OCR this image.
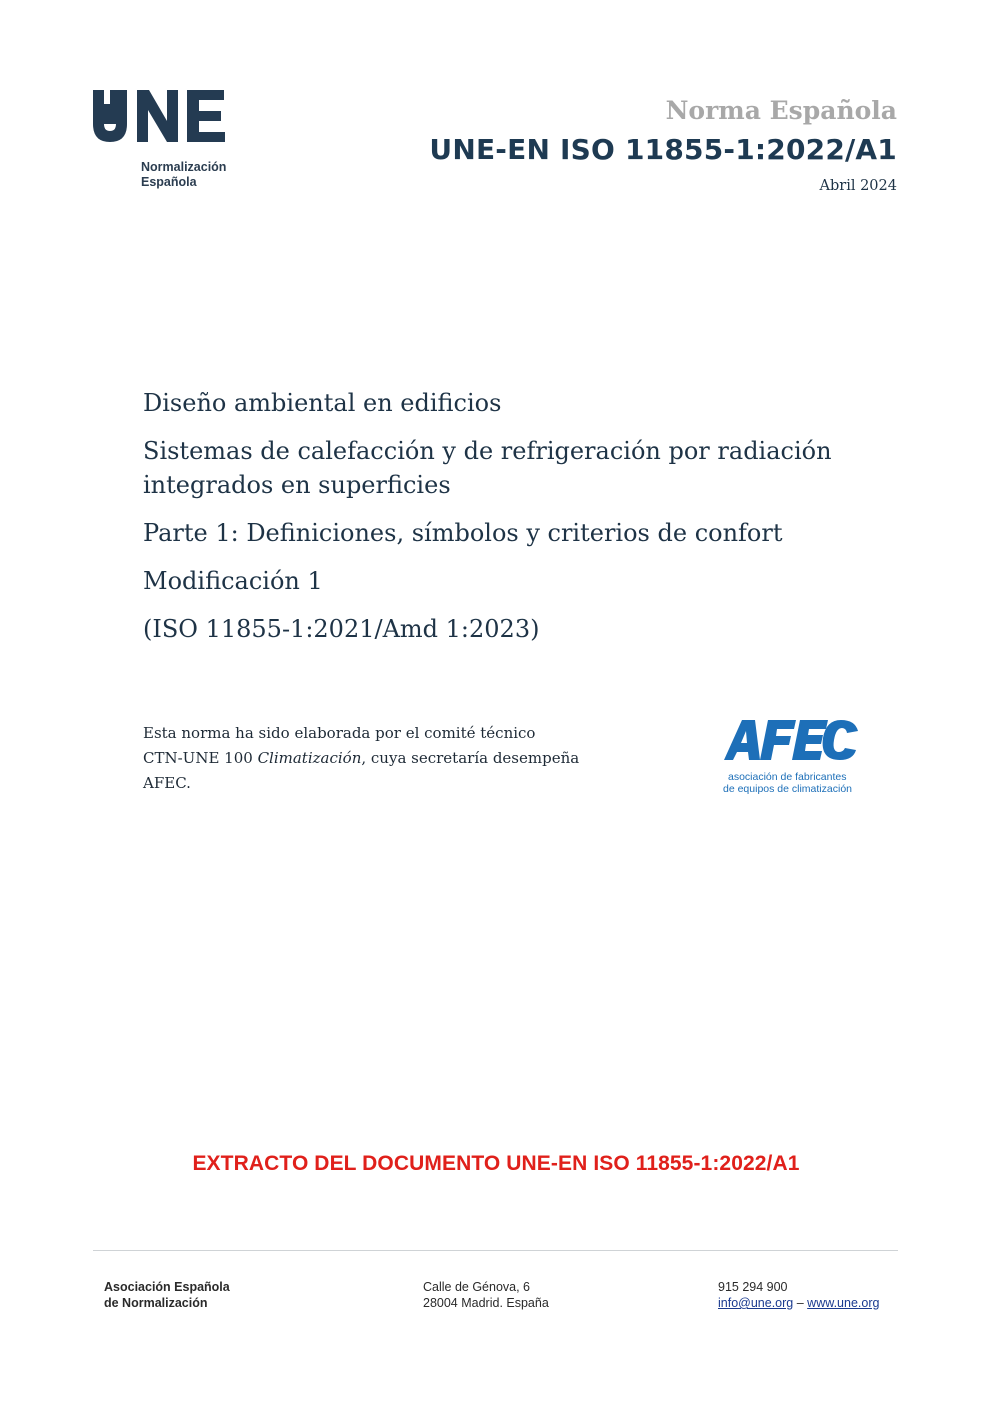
Normalización
Española
Norma Española
UNE-EN ISO 11855-1:2022/A1
Abril 2024
Diseño ambiental en edificios
Sistemas de calefacción y de refrigeración por radiación
integrados en superficies
Parte 1: Definiciones, símbolos y criterios de confort
Modificación 1
(ISO 11855-1:2021/Amd 1:2023)
Esta norma ha sido elaborada por el comité técnico
CTN-UNE 100 Climatización, cuya secretaría desempeña
AFEC.	asociación de fabricantes
de equipos de climatización
EXTRACTO DEL DOCUMENTO UNE-EN ISO 11855-1:2022/A1
Asociación Española
de Normalización
Calle de Génova, 6
28004 Madrid. España
915 294 900
info@une.org – www.une.org
